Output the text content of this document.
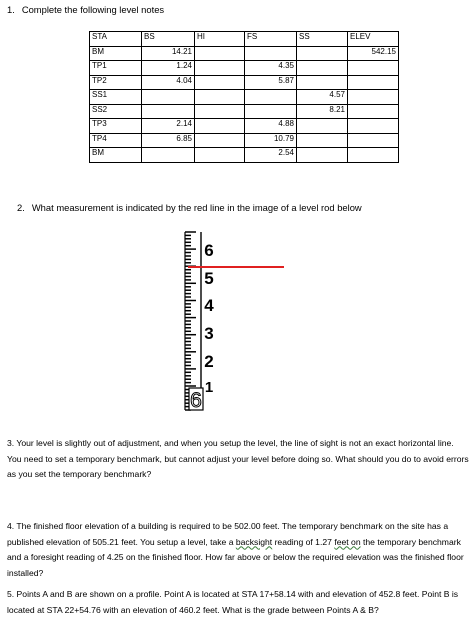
1. Complete the following level notes
STA	BS	HI	FS	SS	ELEV
BM	14.21				542.15
TP1	1.24		4.35		
TP2	4.04		5.87		
SS1				4.57	
SS2				8.21	
TP3	2.14		4.88		
TP4	6.85		10.79		
BM			2.54		
2. What measurement is indicated by the red line in the image of a level rod below
6
5
4
3
2
1
6
3. Your level is slightly out of adjustment, and when you setup the level, the line of sight is not an exact horizontal line. You need to set a temporary benchmark, but cannot adjust your level before doing so. What should you do to avoid errors as you set the temporary benchmark?
4. The finished floor elevation of a building is required to be 502.00 feet. The temporary benchmark on the site has a published elevation of 505.21 feet. You setup a level, take a backsight reading of 1.27 feet on the temporary benchmark and a foresight reading of 4.25 on the finished floor. How far above or below the required elevation was the finished floor installed?
5. Points A and B are shown on a profile. Point A is located at STA 17+58.14 with and elevation of 452.8 feet. Point B is located at STA 22+54.76 with an elevation of 460.2 feet. What is the grade between Points A & B?
